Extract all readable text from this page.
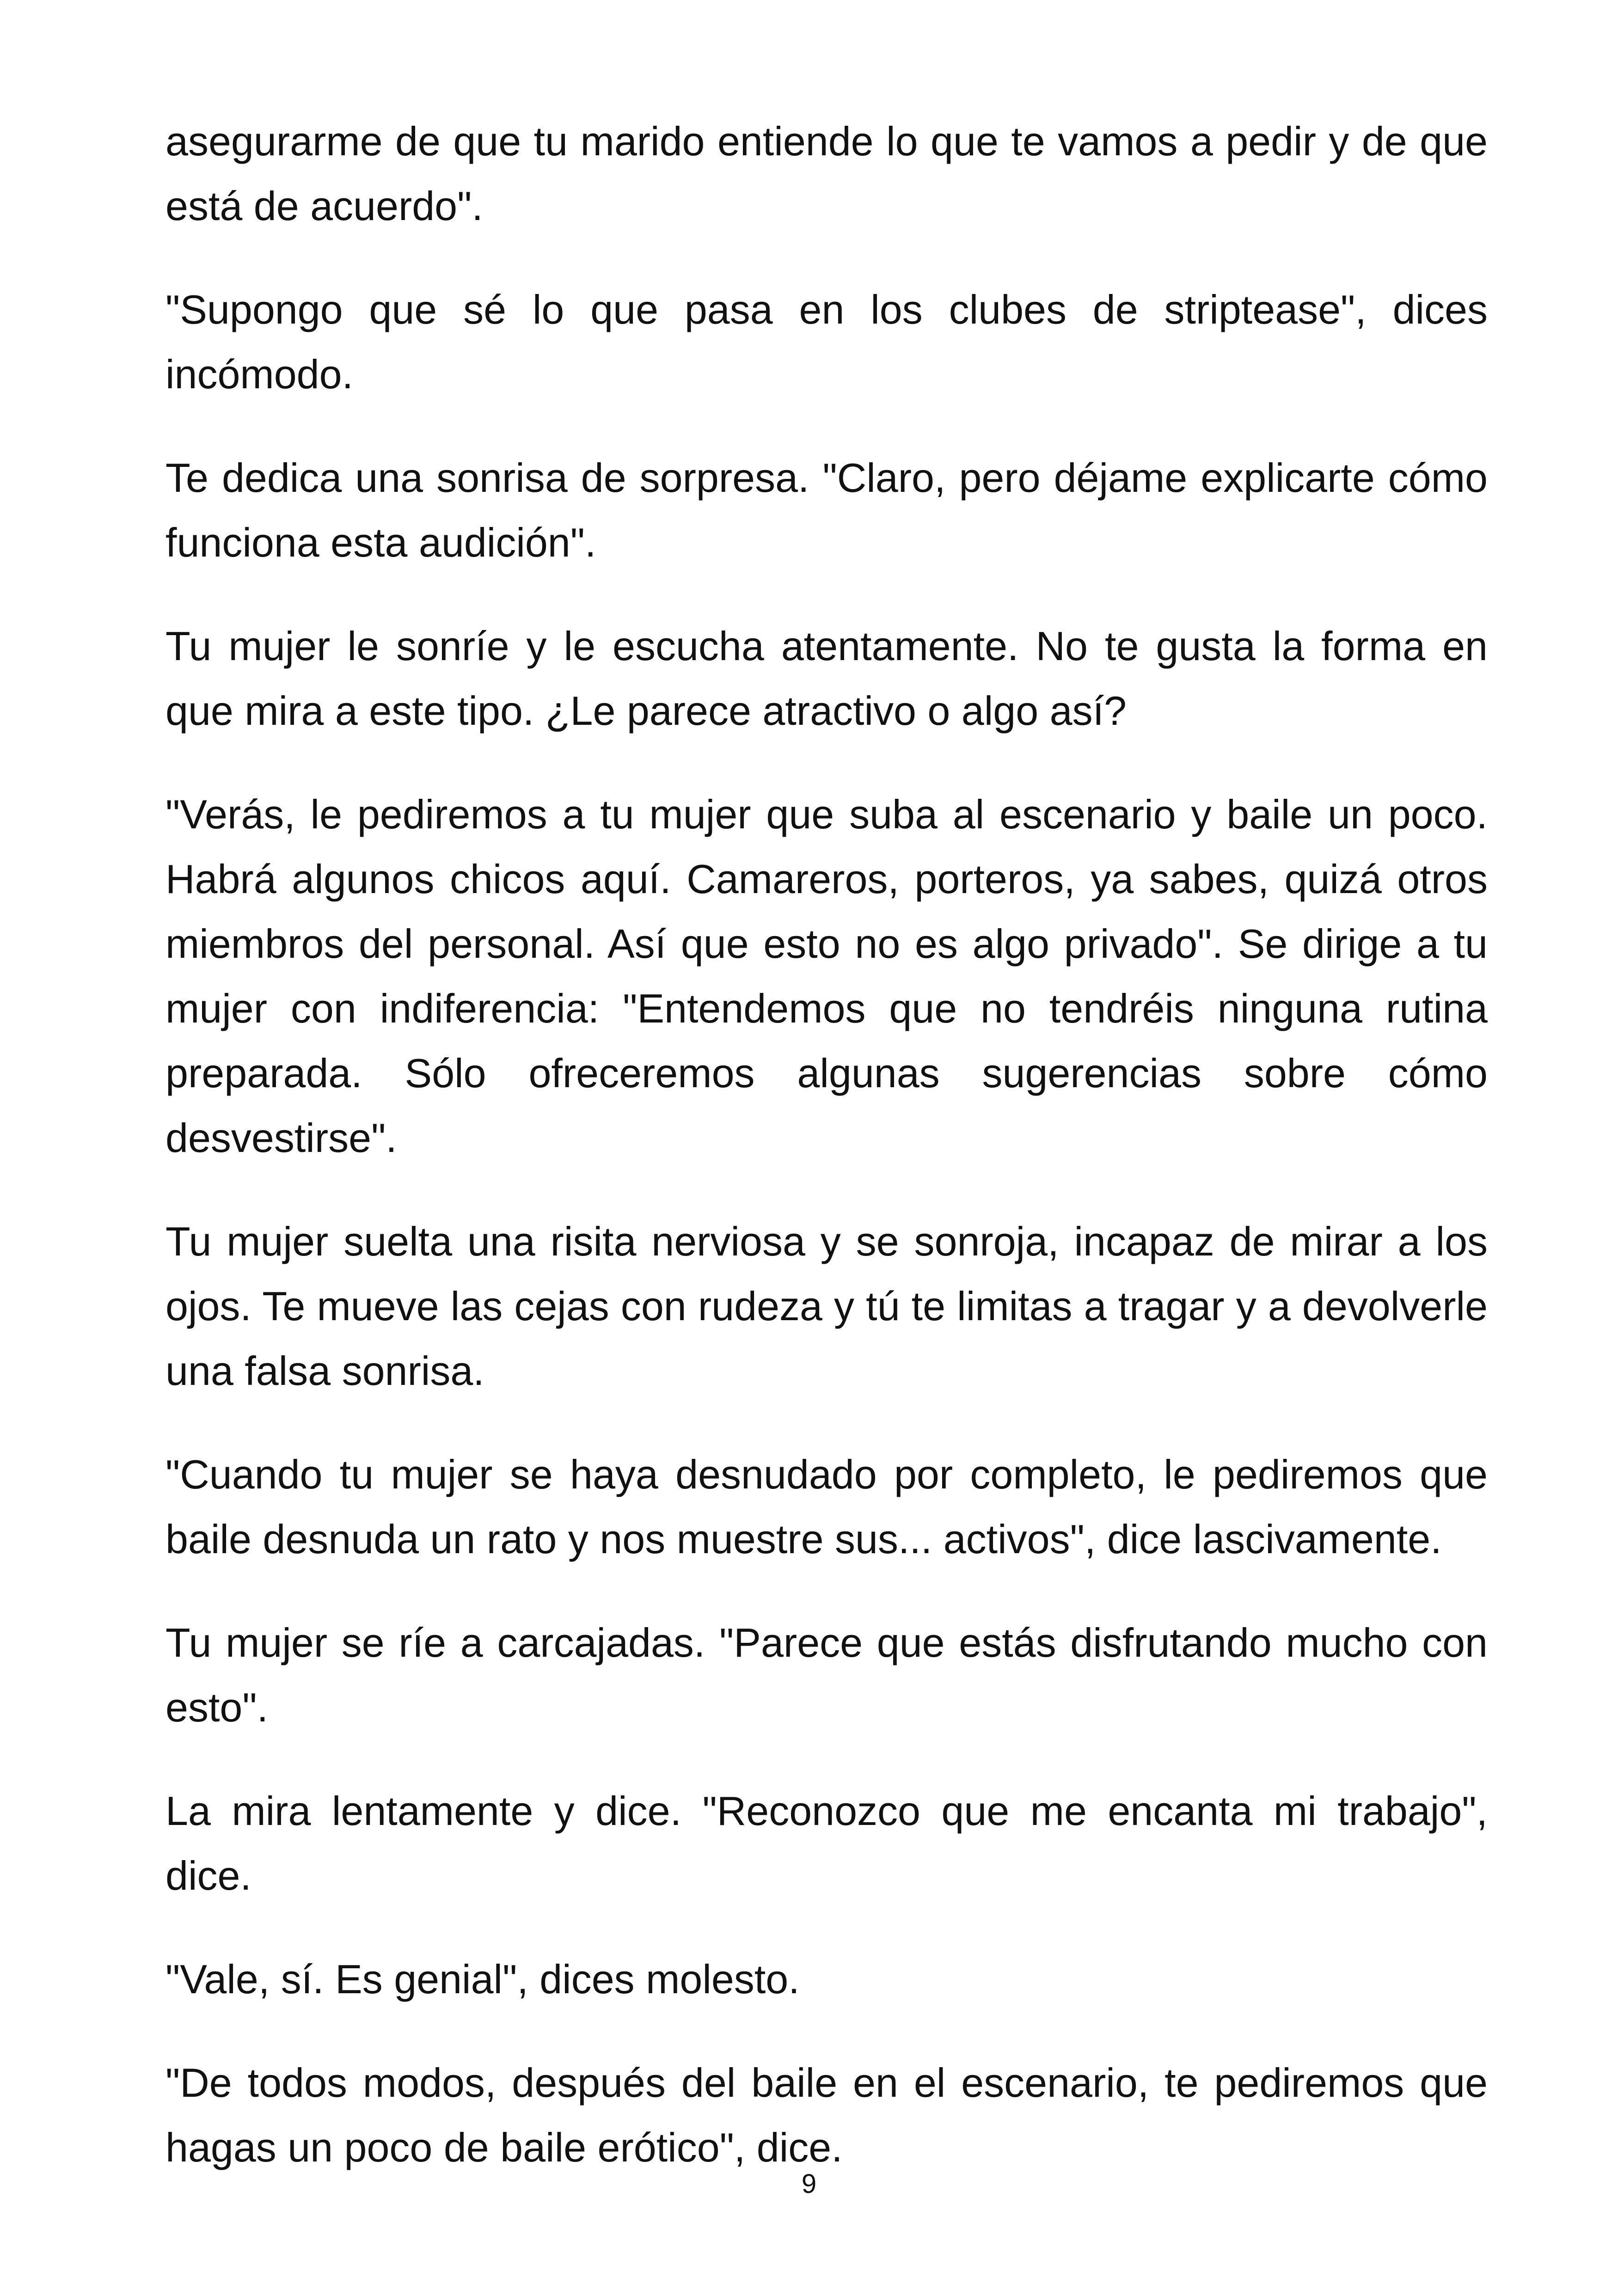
asegurarme de que tu marido entiende lo que te vamos a pedir y de que está de acuerdo".

"Supongo que sé lo que pasa en los clubes de striptease", dices incómodo.

Te dedica una sonrisa de sorpresa. "Claro, pero déjame explicarte cómo funciona esta audición".

Tu mujer le sonríe y le escucha atentamente. No te gusta la forma en que mira a este tipo. ¿Le parece atractivo o algo así?

"Verás, le pediremos a tu mujer que suba al escenario y baile un poco. Habrá algunos chicos aquí. Camareros, porteros, ya sabes, quizá otros miembros del personal. Así que esto no es algo privado". Se dirige a tu mujer con indiferencia: "Entendemos que no tendréis ninguna rutina preparada. Sólo ofreceremos algunas sugerencias sobre cómo desvestirse".

Tu mujer suelta una risita nerviosa y se sonroja, incapaz de mirar a los ojos. Te mueve las cejas con rudeza y tú te limitas a tragar y a devolverle una falsa sonrisa.

"Cuando tu mujer se haya desnudado por completo, le pediremos que baile desnuda un rato y nos muestre sus... activos", dice lascivamente.

Tu mujer se ríe a carcajadas. "Parece que estás disfrutando mucho con esto".

La mira lentamente y dice. "Reconozco que me encanta mi trabajo", dice.

"Vale, sí. Es genial", dices molesto.

"De todos modos, después del baile en el escenario, te pediremos que hagas un poco de baile erótico", dice.

9
